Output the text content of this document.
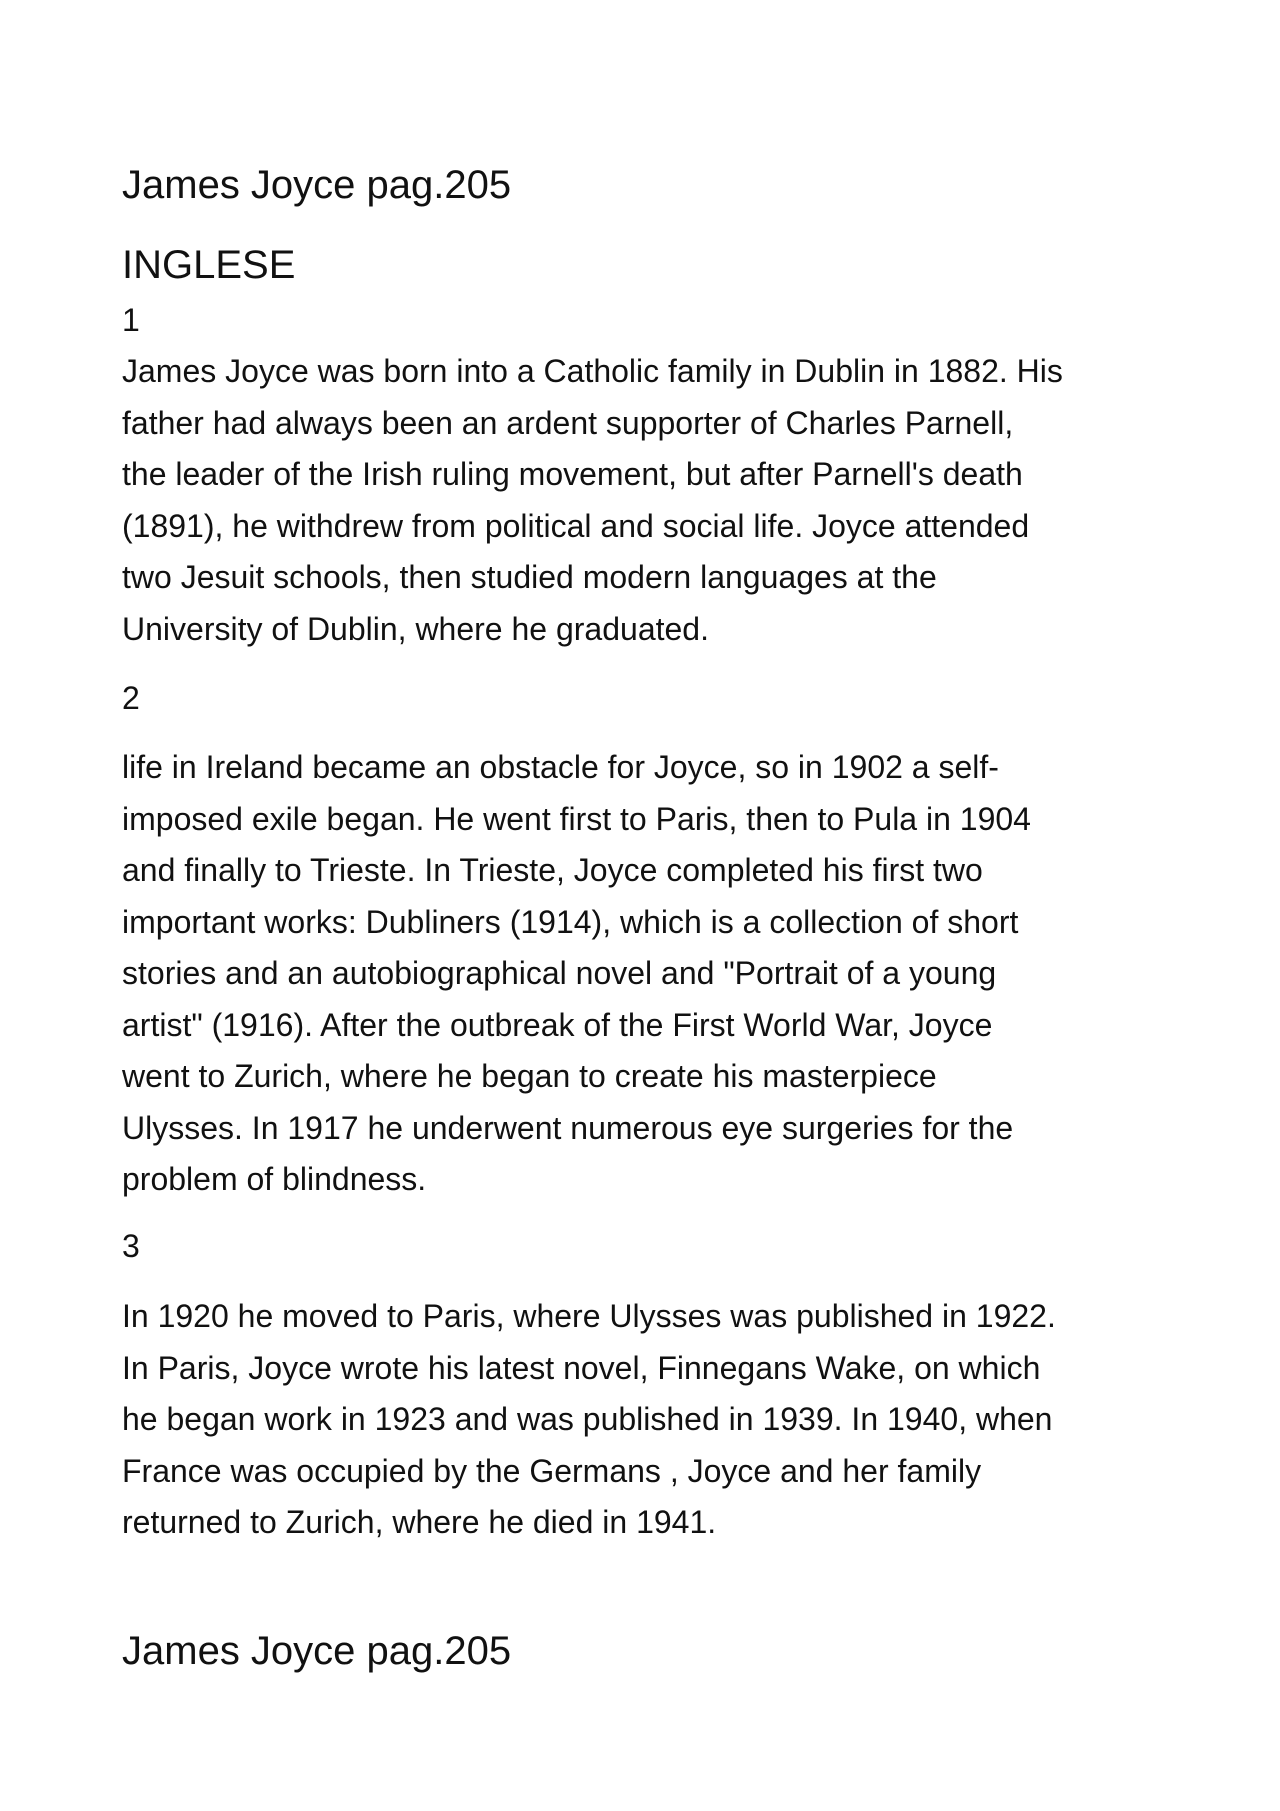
James Joyce pag.205
INGLESE
1
James Joyce was born into a Catholic family in Dublin in 1882. His
father had always been an ardent supporter of Charles Parnell,
the leader of the Irish ruling movement, but after Parnell's death
(1891), he withdrew from political and social life. Joyce attended
two Jesuit schools, then studied modern languages at the
University of Dublin, where he graduated.
2
life in Ireland became an obstacle for Joyce, so in 1902 a self-
imposed exile began. He went first to Paris, then to Pula in 1904
and finally to Trieste. In Trieste, Joyce completed his first two
important works: Dubliners (1914), which is a collection of short
stories and an autobiographical novel and "Portrait of a young
artist" (1916). After the outbreak of the First World War, Joyce
went to Zurich, where he began to create his masterpiece
Ulysses. In 1917 he underwent numerous eye surgeries for the
problem of blindness.
3
In 1920 he moved to Paris, where Ulysses was published in 1922.
In Paris, Joyce wrote his latest novel, Finnegans Wake, on which
he began work in 1923 and was published in 1939. In 1940, when
France was occupied by the Germans , Joyce and her family
returned to Zurich, where he died in 1941.
James Joyce pag.205
